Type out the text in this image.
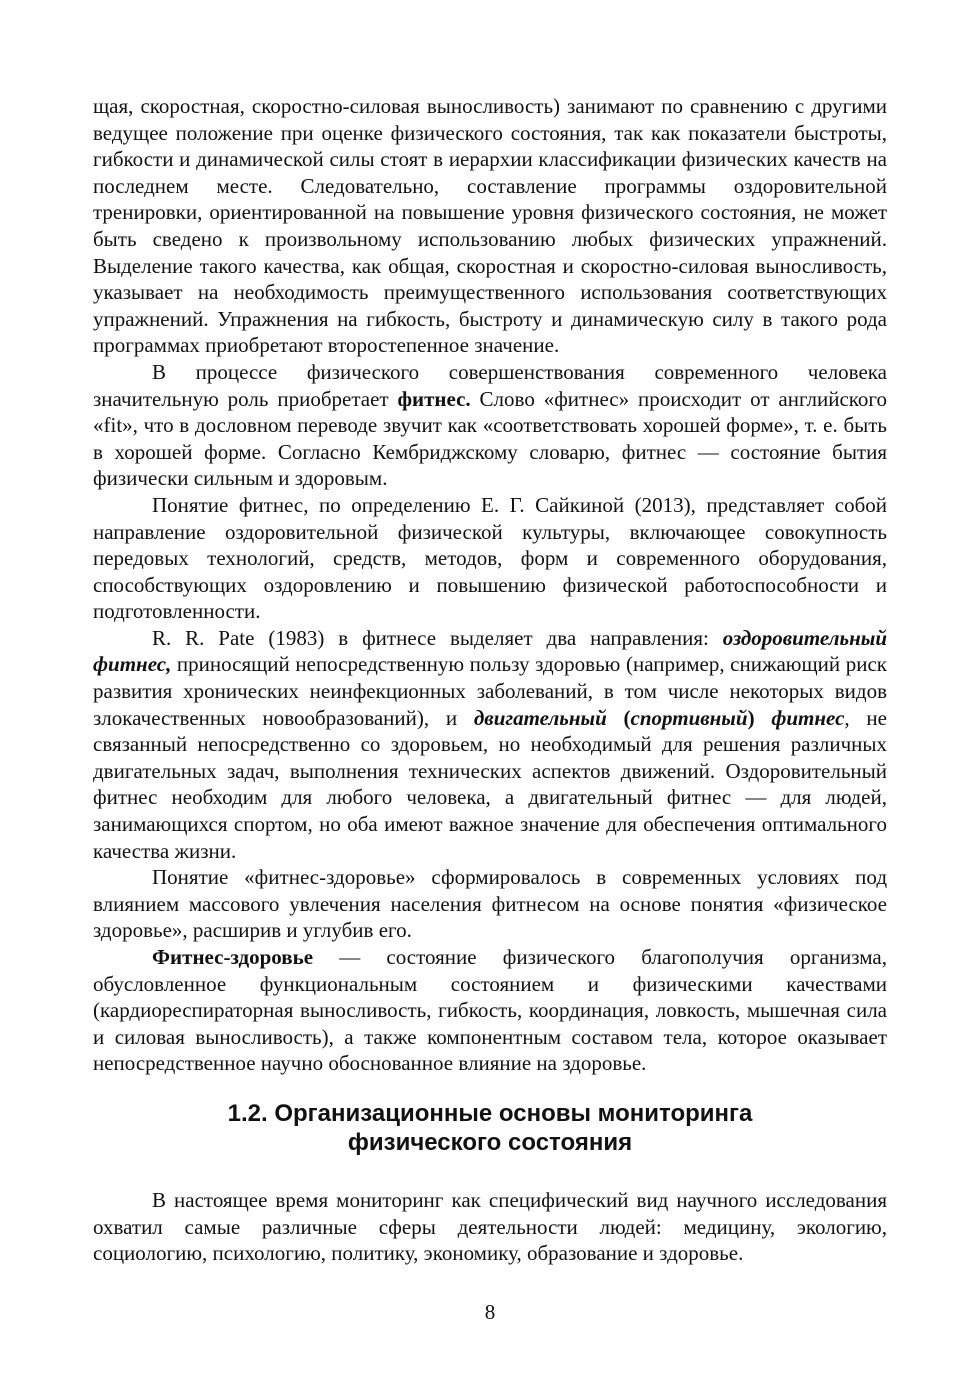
щая, скоростная, скоростно-силовая выносливость) занимают по сравнению с другими ведущее положение при оценке физического состояния, так как показатели быстроты, гибкости и динамической силы стоят в иерархии классификации физических качеств на последнем месте. Следовательно, составление программы оздоровительной тренировки, ориентированной на повышение уровня физического состояния, не может быть сведено к произвольному использованию любых физических упражнений. Выделение такого качества, как общая, скоростная и скоростно-силовая выносливость, указывает на необходимость преимущественного использования соответствующих упражнений. Упражнения на гибкость, быстроту и динамическую силу в такого рода программах приобретают второстепенное значение.

В процессе физического совершенствования современного человека значительную роль приобретает фитнес. Слово «фитнес» происходит от английского «fit», что в дословном переводе звучит как «соответствовать хорошей форме», т. е. быть в хорошей форме. Согласно Кембриджскому словарю, фитнес — состояние бытия физически сильным и здоровым.

Понятие фитнес, по определению Е. Г. Сайкиной (2013), представляет собой направление оздоровительной физической культуры, включающее совокупность передовых технологий, средств, методов, форм и современного оборудования, способствующих оздоровлению и повышению физической работоспособности и подготовленности.

R. R. Pate (1983) в фитнесе выделяет два направления: оздоровительный фитнес, приносящий непосредственную пользу здоровью (например, снижающий риск развития хронических неинфекционных заболеваний, в том числе некоторых видов злокачественных новообразований), и двигательный (спортивный) фитнес, не связанный непосредственно со здоровьем, но необходимый для решения различных двигательных задач, выполнения технических аспектов движений. Оздоровительный фитнес необходим для любого человека, а двигательный фитнес — для людей, занимающихся спортом, но оба имеют важное значение для обеспечения оптимального качества жизни.

Понятие «фитнес-здоровье» сформировалось в современных условиях под влиянием массового увлечения населения фитнесом на основе понятия «физическое здоровье», расширив и углубив его.

Фитнес-здоровье — состояние физического благополучия организма, обусловленное функциональным состоянием и физическими качествами (кардиореспираторная выносливость, гибкость, координация, ловкость, мышечная сила и силовая выносливость), а также компонентным составом тела, которое оказывает непосредственное научно обоснованное влияние на здоровье.

1.2. Организационные основы мониторинга
физического состояния

В настоящее время мониторинг как специфический вид научного исследования охватил самые различные сферы деятельности людей: медицину, экологию, социологию, психологию, политику, экономику, образование и здоровье.

8
